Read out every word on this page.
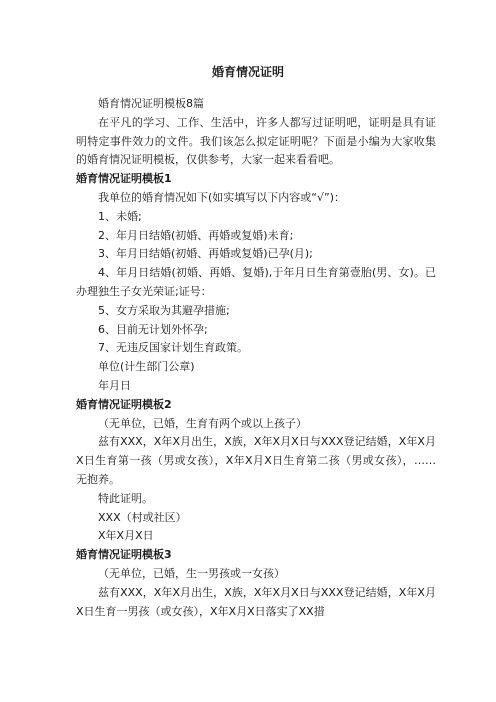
婚育情况证明

婚育情况证明模板8篇

在平凡的学习、工作、生活中，许多人都写过证明吧，证明是具有证明特定事件效力的文件。我们该怎么拟定证明呢？下面是小编为大家收集的婚育情况证明模板，仅供参考，大家一起来看看吧。

婚育情况证明模板1

我单位的婚育情况如下(如实填写以下内容或“√”)：

1、未婚;

2、年月日结婚(初婚、再婚或复婚)未育;

3、年月日结婚(初婚、再婚或复婚)已孕(月);

4、年月日结婚(初婚、再婚、复婚),于年月日生育第壹胎(男、女)。已办理独生子女光荣证;证号：

5、女方采取为其避孕措施;

6、目前无计划外怀孕;

7、无违反国家计划生育政策。

单位(计生部门公章)

年月日

婚育情况证明模板2

（无单位，已婚，生育有两个或以上孩子）

兹有XXX，X年X月出生，X族，X年X月X日与XXX登记结婚，X年X月X日生育第一孩（男或女孩），X年X月X日生育第二孩（男或女孩），……无抱养。

特此证明。

XXX（村或社区）

X年X月X日

婚育情况证明模板3

（无单位，已婚，生一男孩或一女孩）

兹有XXX，X年X月出生，X族，X年X月X日与XXX登记结婚，X年X月X日生育一男孩（或女孩），X年X月X日落实了XX措
